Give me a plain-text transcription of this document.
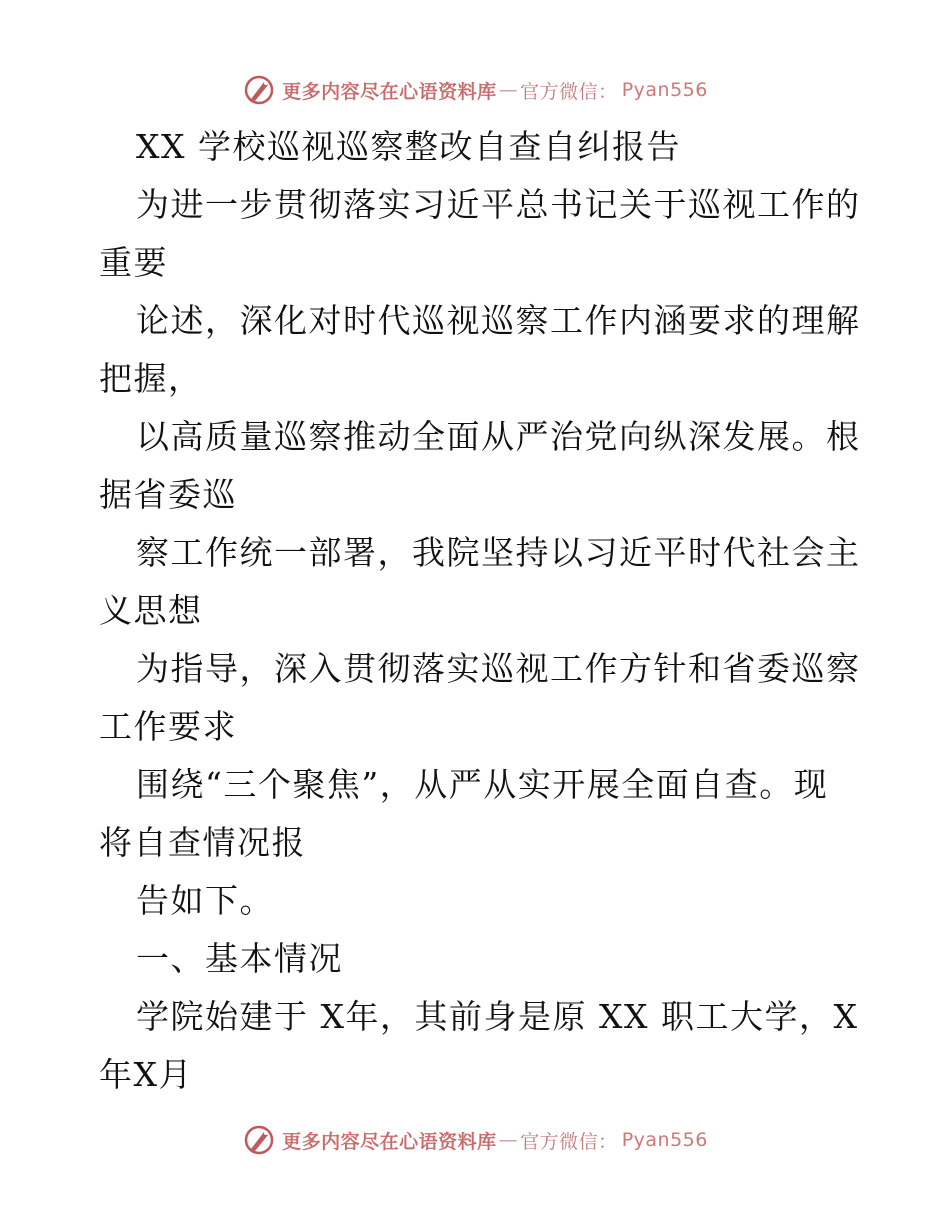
更多内容尽在心语资料库 — 官方微信： Pyan556
XX 学校巡视巡察整改自查自纠报告
为进一步贯彻落实习近平总书记关于巡视工作的
重要
论述，深化对时代巡视巡察工作内涵要求的理解
把握，
以高质量巡察推动全面从严治党向纵深发展。根
据省委巡
察工作统一部署，我院坚持以习近平时代社会主
义思想
为指导，深入贯彻落实巡视工作方针和省委巡察
工作要求
围绕“三个聚焦”，从严从实开展全面自查。现
将自查情况报
告如下。
一、基本情况
学院始建于 X年，其前身是原 XX 职工大学，X
年X月
更多内容尽在心语资料库 — 官方微信： Pyan556
